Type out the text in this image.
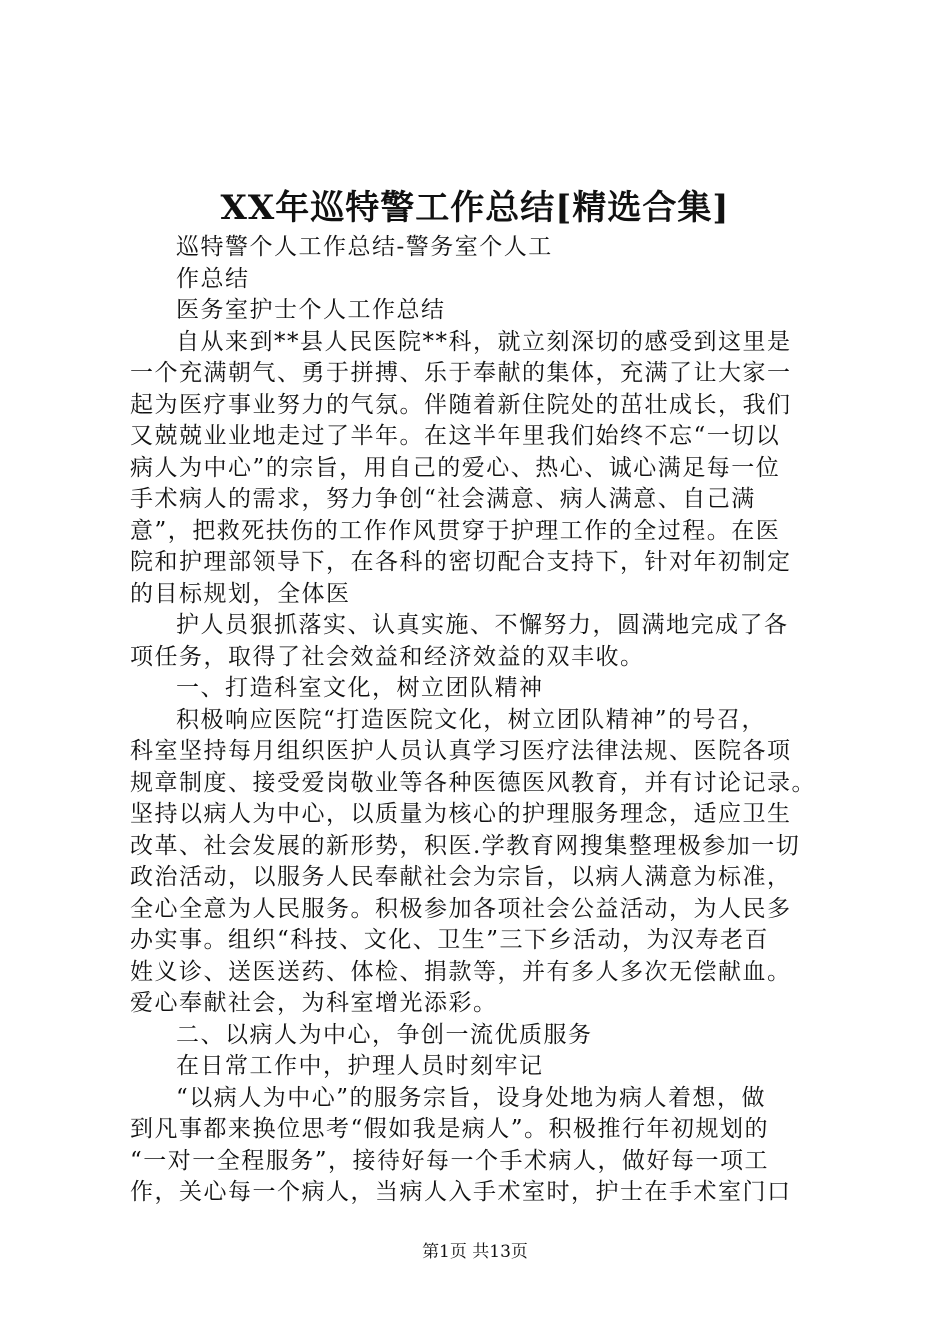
XX年巡特警工作总结[精选合集]
巡特警个人工作总结-警务室个人工
作总结
医务室护士个人工作总结
自从来到**县人民医院**科，就立刻深切的感受到这里是
一个充满朝气、勇于拼搏、乐于奉献的集体，充满了让大家一
起为医疗事业努力的气氛。伴随着新住院处的茁壮成长，我们
又兢兢业业地走过了半年。在这半年里我们始终不忘“一切以
病人为中心”的宗旨，用自己的爱心、热心、诚心满足每一位
手术病人的需求，努力争创“社会满意、病人满意、自己满
意”，把救死扶伤的工作作风贯穿于护理工作的全过程。在医
院和护理部领导下，在各科的密切配合支持下，针对年初制定
的目标规划，全体医
护人员狠抓落实、认真实施、不懈努力，圆满地完成了各
项任务，取得了社会效益和经济效益的双丰收。
一、打造科室文化，树立团队精神
积极响应医院“打造医院文化，树立团队精神”的号召，
科室坚持每月组织医护人员认真学习医疗法律法规、医院各项
规章制度、接受爱岗敬业等各种医德医风教育，并有讨论记录。
坚持以病人为中心，以质量为核心的护理服务理念，适应卫生
改革、社会发展的新形势，积医.学教育网搜集整理极参加一切
政治活动，以服务人民奉献社会为宗旨，以病人满意为标准，
全心全意为人民服务。积极参加各项社会公益活动，为人民多
办实事。组织“科技、文化、卫生”三下乡活动，为汉寿老百
姓义诊、送医送药、体检、捐款等，并有多人多次无偿献血。
爱心奉献社会，为科室增光添彩。
二、以病人为中心，争创一流优质服务
在日常工作中，护理人员时刻牢记
“以病人为中心”的服务宗旨，设身处地为病人着想，做
到凡事都来换位思考“假如我是病人”。积极推行年初规划的
“一对一全程服务”，接待好每一个手术病人，做好每一项工
作，关心每一个病人，当病人入手术室时，护士在手术室门口
第1页 共13页
